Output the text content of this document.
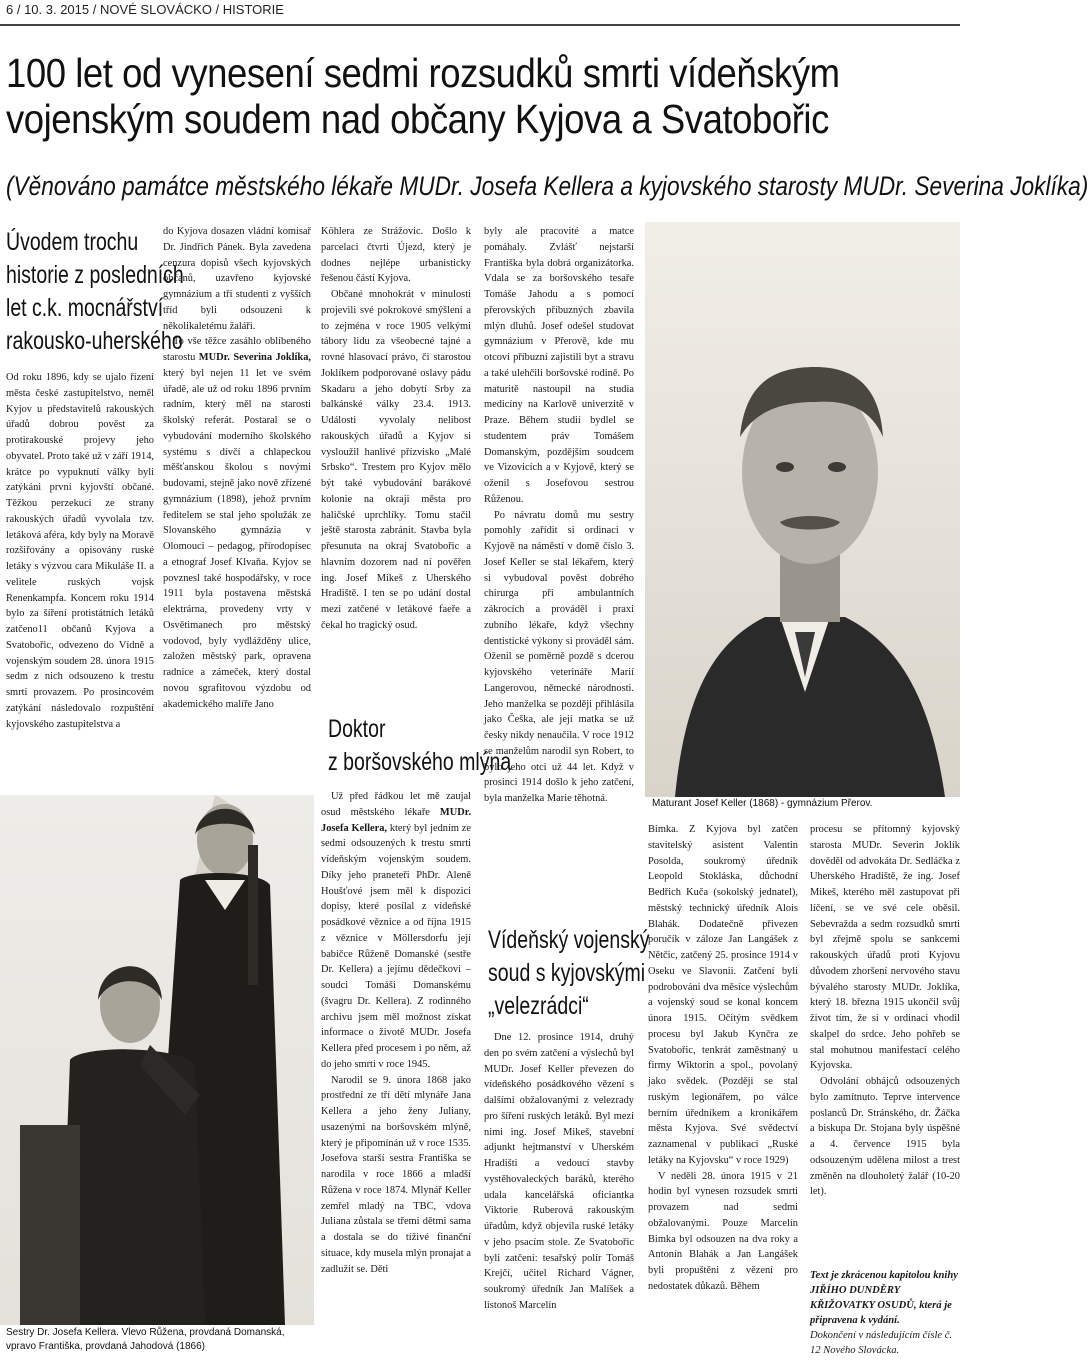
6 / 10. 3. 2015 / NOVÉ SLOVÁCKO / HISTORIE
100 let od vynesení sedmi rozsudků smrti vídeňským
vojenským soudem nad občany Kyjova a Svatobořic
(Věnováno památce městského lékaře MUDr. Josefa Kellera a kyjovského starosty MUDr. Severina Joklíka)
Úvodem trochu
historie z posledních
let c.k. mocnářství
rakousko-uherského

Od roku 1896, kdy se ujalo řízení města české zastupitelstvo, neměl Kyjov u představitelů rakouských úřadů dobrou pověst za protirakouské projevy jeho obyvatel. Proto také už v září 1914, krátce po vypuknutí války byli zatýkáni první kyjovští občané. Těžkou perzekuci ze strany rakouských úřadů vyvolala tzv. letáková aféra, kdy byly na Moravě rozšiřovány a opisovány ruské letáky s výzvou cara Mikuláše II. a velitele ruských vojsk Renenkampfa. Koncem roku 1914 bylo za šíření protistátních letáků zatčeno11 občanů Kyjova a Svatobořic, odvezeno do Vídně a vojenským soudem 28. února 1915 sedm z nich odsouzeno k trestu smrti provazem. Po prosincovém zatýkání následovalo rozpuštění kyjovského zastupitelstva a

do Kyjova dosazen vládní komisař Dr. Jindřich Pánek. Byla zavedena cenzura dopisů všech kyjovských občanů, uzavřeno kyjovské gymnázium a tři studenti z vyšších tříd byli odsouzeni k několikaletému žaláři.

To vše těžce zasáhlo oblíbeného starostu MUDr. Severina Joklíka, který byl nejen 11 let ve svém úřadě, ale už od roku 1896 prvním radním, který měl na starosti školský referát. Postaral se o vybudování moderního školského systému s dívčí a chlapeckou měšťanskou školou s novými budovami, stejně jako nově zřízené gymnázium (1898), jehož prvním ředitelem se stal jeho spolužák ze Slovanského gymnázia v Olomouci – pedagog, přírodopisec a etnograf Josef Klvaňa. Kyjov se povznesl také hospodářsky, v roce 1911 byla postavena městská elektrárna, provedeny vrty v Osvětimanech pro městský vodovod, byly vydlážděny ulice, založen městský park, opravena radnice a zámeček, který dostal novou sgrafitovou výzdobu od akademického malíře Jano

Köhlera ze Strážovic. Došlo k parcelaci čtvrti Újezd, který je dodnes nejlépe urbanistickу řešenou částí Kyjova.

Občané mnohokrát v minulosti projevili své pokrokové smýšlení a to zejména v roce 1905 velkými tábory lidu za všeobecné tajné a rovné hlasovací právo, či starostou Joklíkem podporované oslavy pádu Skadaru a jeho dobytí Srby za balkánské války 23.4. 1913. Události vyvolaly nelibost rakouských úřadů a Kyjov si vysloužil hanlivé přízvisko „Malé Srbsko“. Trestem pro Kyjov mělo být také vybudování barákové kolonie na okraji města pro haličské uprchlíky. Tomu stačil ještě starosta zabránit. Stavba byla přesunuta na okraj Svatobořic a hlavním dozorem nad ní pověřen ing. Josef Mikeš z Uherského Hradiště. I ten se po udání dostal mezi zatčené v letákové faeře a čekal ho tragický osud.

Doktor
z boršovského mlýna

Už před řádkou let mě zaujal osud městského lékaře MUDr. Josefa Kellera, který byl jedním ze sedmi odsouzených k trestu smrti vídeňským vojenským soudem. Díky jeho praneteři PhDr. Aleně Houšťové jsem měl k dispozici dopisy, které posílal z vídeňské posádkové věznice a od října 1915 z věznice v Möllersdorfu její babičce Růženě Domanské (sestře Dr. Kellera) a jejímu dědečkovi – soudci Tomáši Domanskému (švagru Dr. Kellera). Z rodinného archivu jsem měl možnost získat informace o životě MUDr. Josefa Kellera před procesem i po něm, až do jeho smrti v roce 1945.

Narodil se 9. února 1868 jako prostřední ze tří dětí mlynáře Jana Kellera a jeho ženy Juliany, usazenými na boršovském mlýně, který je připomínán už v roce 1535. Josefova starší sestra Františka se narodila v roce 1866 a mladší Růžena v roce 1874. Mlynář Keller zemřel mladý na TBC, vdova Juliana zůstala se třemi dětmi sama a dostala se do tíživé finanční situace, kdy musela mlýn pronajat a zadlužit se. Děti

byly ale pracovité a matce pomáhaly. Zvlášť nejstarší Františka byla dobrá organizátorka. Vdala se za boršovského tesaře Tomáše Jahodu a s pomocí přerovských příbuzných zbavila mlýn dluhů. Josef odešel studovat gymnázium v Přerově, kde mu otcovi příbuzní zajistili byt a stravu a také ulehčili boršovské rodině. Po maturitě nastoupil na studia medicíny na Karlově univerzitě v Praze. Během studií bydlel se studentem práv Tomášem Domanským, pozdějším soudcem ve Vizovicích a v Kyjově, který se oženil s Josefovou sestrou Růženou.

Po návratu domů mu sestry pomohly zařídit si ordinaci v Kyjově na náměstí v domě číslo 3. Josef Keller se stal lékařem, který si vybudoval pověst dobrého chirurga při ambulantních zákrocích a prováděl i praxi zubního lékaře, když všechny dentistické výkony si prováděl sám. Oženil se poměrně pozdě s dcerou kyjovského veterináře Marií Langerovou, německé národnosti. Jeho manželka se později přihlásila jako Češka, ale její matka se už česky nikdy nenaučila. V roce 1912 se manželům narodil syn Robert, to bylo jeho otci už 44 let. Když v prosinci 1914 došlo k jeho zatčení, byla manželka Marie těhotná.

Vídeňský vojenský
soud s kyjovskými
„velezrádci“

Dne 12. prosince 1914, druhý den po svém zatčení a výslechů byl MUDr. Josef Keller převezen do vídeňského posádkového vězení s dalšími obžalovanými z velezrady pro šíření ruských letáků. Byl mezi nimi ing. Josef Mikeš, stavební adjunkt hejtmanství v Uherském Hradišti a vedoucí stavby vystěhovaleckých baráků, kterého udala kancelářská oficiantka Viktorie Ruberová rakouským úřadům, když objevila ruské letáky v jeho psacím stole. Ze Svatobořic byli zatčeni: tesařský polír Tomáš Krejčí, učitel Richard Vágner, soukromý úředník Jan Malíšek a listonoš Marcelín

Maturant Josef Keller (1868) - gymnázium Přerov.
Sestry Dr. Josefa Kellera. Vlevo Růžena, provdaná Domanská, vpravo Františka, provdaná Jahodová (1866)

Bimka. Z Kyjova byl zatčen stavitelský asistent Valentin Posolda, soukromý úředník Leopold Stokláska, důchodní Bedřich Kuča (sokolský jednatel), městský technický úředník Alois Blahák. Dodatečně přivezen poručík v záloze Jan Langášek z Nětčic, zatčený 25. prosince 1914 v Oseku ve Slavonii. Zatčení byli podrobováni dva měsíce výslechům a vojenský soud se konal koncem února 1915. Očitým svědkem procesu byl Jakub Kynčra ze Svatobořic, tenkrát zaměstnaný u firmy Wiktorin a spol., povolaný jako svědek. (Později se stal ruským legionářem, po válce berním úředníkem a kronikářem města Kyjova. Své svědectví zaznamenal v publikaci „Ruské letáky na Kyjovsku“ v roce 1929)

V neděli 28. února 1915 v 21 hodin byl vynesen rozsudek smrti provazem nad sedmi obžalovanými. Pouze Marcelín Bimka byl odsouzen na dva roky a Antonín Blahák a Jan Langášek byli propuštěni z vězení pro nedostatek důkazů. Během

procesu se přítomný kyjovský starosta MUDr. Severin Joklík dověděl od advokáta Dr. Sedláčka z Uherského Hradiště, že ing. Josef Mikeš, kterého měl zastupovat při líčení, se ve své cele oběsil. Sebevražda a sedm rozsudků smrti byl zřejmě spolu se sankcemi rakouských úřadů proti Kyjovu důvodem zhoršení nervového stavu bývalého starosty MUDr. Joklíka, který 18. března 1915 ukončil svůj život tím, že si v ordinaci vhodil skalpel do srdce. Jeho pohřeb se stal mohutnou manifestací celého Kyjovska.

Odvolání obhájců odsouzených bylo zamítnuto. Teprve intervence poslanců Dr. Stránského, dr. Žáčka a biskupa Dr. Stojana byly úspěšné a 4. července 1915 byla odsouzeným udělena milost a trest změněn na dlouholetý žalář (10-20 let).

Text je zkrácenou kapitolou knihy JIŘÍHO DUNDĚRY KŘIŽOVATKY OSUDŮ, která je připravena k vydání.
Dokončení v následujícím čísle č. 12 Nového Slovácka.
